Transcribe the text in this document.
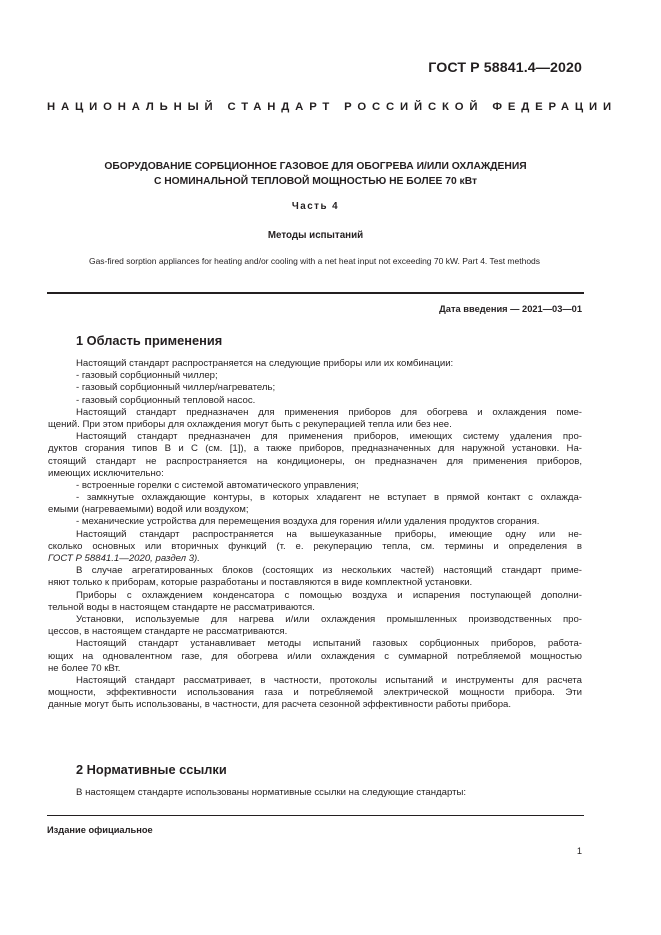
ГОСТ Р 58841.4—2020

НАЦИОНАЛЬНЫЙ СТАНДАРТ РОССИЙСКОЙ ФЕДЕРАЦИИ

ОБОРУДОВАНИЕ СОРБЦИОННОЕ ГАЗОВОЕ ДЛЯ ОБОГРЕВА И/ИЛИ ОХЛАЖДЕНИЯ
С НОМИНАЛЬНОЙ ТЕПЛОВОЙ МОЩНОСТЬЮ НЕ БОЛЕЕ 70 кВт

Часть 4

Методы испытаний

Gas-fired sorption appliances for heating and/or cooling with a net heat input not exceeding 70 kW. Part 4. Test methods

Дата введения — 2021—03—01

1 Область применения
Настоящий стандарт распространяется на следующие приборы или их комбинации:
- газовый сорбционный чиллер;
- газовый сорбционный чиллер/нагреватель;
- газовый сорбционный тепловой насос.
Настоящий стандарт предназначен для применения приборов для обогрева и охлаждения поме-
щений. При этом приборы для охлаждения могут быть с рекуперацией тепла или без нее.
Настоящий стандарт предназначен для применения приборов, имеющих систему удаления про-
дуктов сгорания типов В и С (см. [1]), а также приборов, предназначенных для наружной установки. На-
стоящий стандарт не распространяется на кондиционеры, он предназначен для применения приборов,
имеющих исключительно:
- встроенные горелки с системой автоматического управления;
- замкнутые охлаждающие контуры, в которых хладагент не вступает в прямой контакт с охлажда-
емыми (нагреваемыми) водой или воздухом;
- механические устройства для перемещения воздуха для горения и/или удаления продуктов сгорания.
Настоящий стандарт распространяется на вышеуказанные приборы, имеющие одну или не-
сколько основных или вторичных функций (т. е. рекуперацию тепла, см. термины и определения в
ГОСТ Р 58841.1—2020, раздел 3).
В случае агрегатированных блоков (состоящих из нескольких частей) настоящий стандарт приме-
няют только к приборам, которые разработаны и поставляются в виде комплектной установки.
Приборы с охлаждением конденсатора с помощью воздуха и испарения поступающей дополни-
тельной воды в настоящем стандарте не рассматриваются.
Установки, используемые для нагрева и/или охлаждения промышленных производственных про-
цессов, в настоящем стандарте не рассматриваются.
Настоящий стандарт устанавливает методы испытаний газовых сорбционных приборов, работа-
ющих на одновалентном газе, для обогрева и/или охлаждения с суммарной потребляемой мощностью
не более 70 кВт.
Настоящий стандарт рассматривает, в частности, протоколы испытаний и инструменты для расчета
мощности, эффективности использования газа и потребляемой электрической мощности прибора. Эти
данные могут быть использованы, в частности, для расчета сезонной эффективности работы прибора.
2 Нормативные ссылки
В настоящем стандарте использованы нормативные ссылки на следующие стандарты:

Издание официальное

1
